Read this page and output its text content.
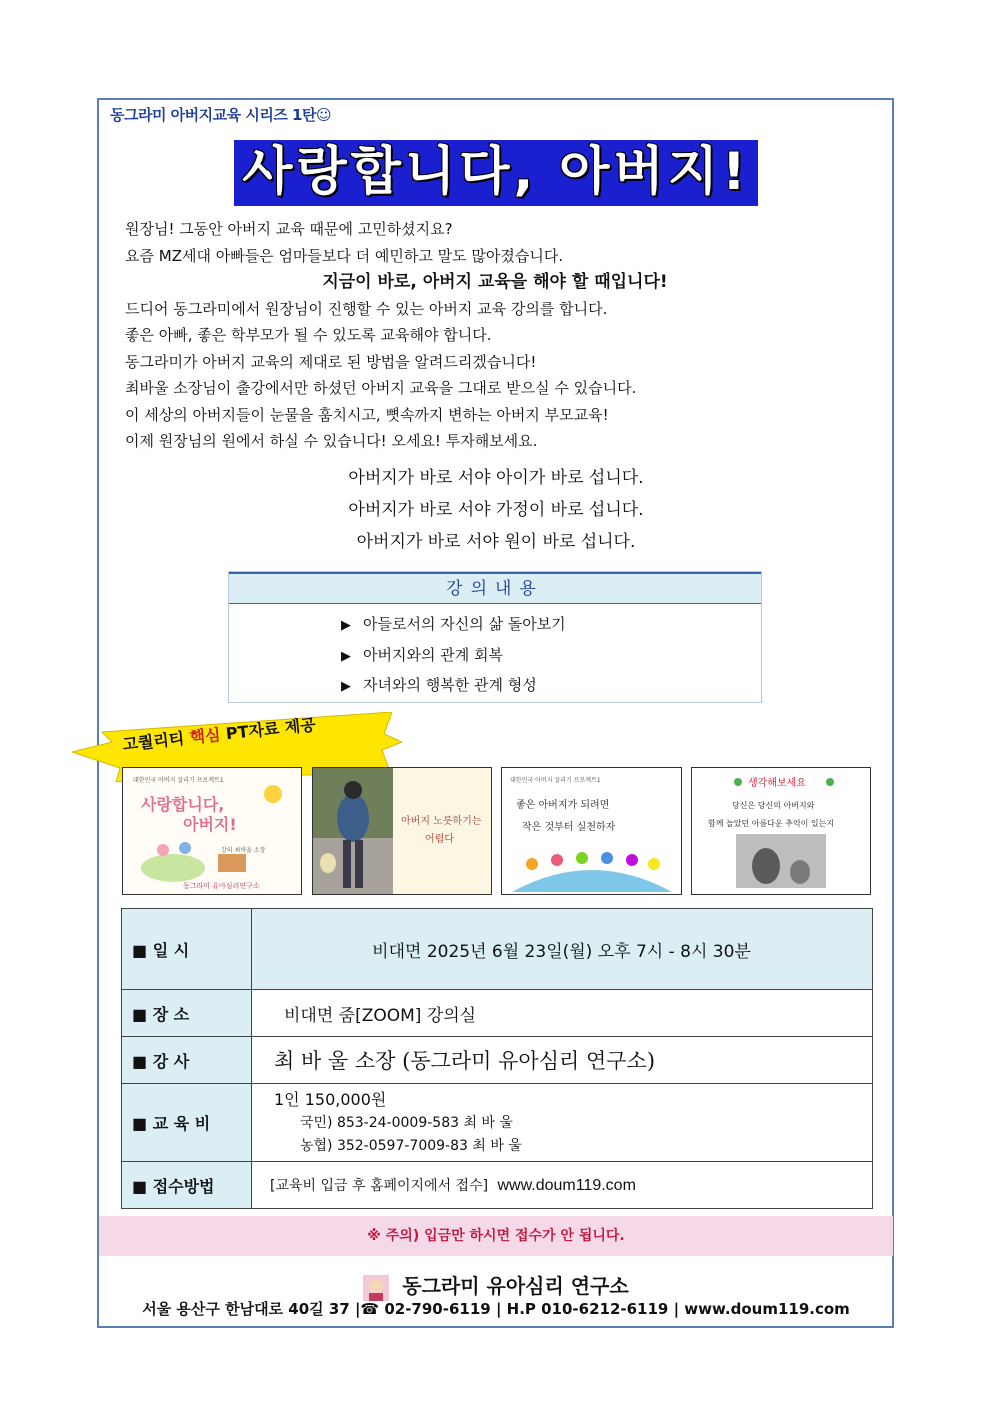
동그라미 아버지교육 시리즈 1탄☺
사랑합니다, 아버지!

원장님! 그동안 아버지 교육 때문에 고민하셨지요?

요즘 MZ세대 아빠들은 엄마들보다 더 예민하고 말도 많아졌습니다.

지금이 바로, 아버지 교육을 해야 할 때입니다!

드디어 동그라미에서 원장님이 진행할 수 있는 아버지 교육 강의를 합니다.

좋은 아빠, 좋은 학부모가 될 수 있도록 교육해야 합니다.

동그라미가 아버지 교육의 제대로 된 방법을 알려드리겠습니다!

최바울 소장님이 출강에서만 하셨던 아버지 교육을 그대로 받으실 수 있습니다.

이 세상의 아버지들이 눈물을 훔치시고, 뼛속까지 변하는 아버지 부모교육!

이제 원장님의 원에서 하실 수 있습니다! 오세요! 투자해보세요.

아버지가 바로 서야 아이가 바로 섭니다.

아버지가 바로 서야 가정이 바로 섭니다.

아버지가 바로 서야 원이 바로 섭니다.

강의내용
▶ 아들로서의 자신의 삶 돌아보기
▶ 아버지와의 관계 회복
▶ 자녀와의 행복한 관계 형성
고퀄리티 핵심 PT자료 제공
대한민국 아버지 살리기 프로젝트1
사랑합니다,
아버지!
강의 최바울 소장
동그라미 유아심리연구소
아버지 노릇하기는
어렵다
대한민국 아버지 살리기 프로젝트1
좋은 아버지가 되려면
작은 것부터 실천하자
생각해보세요
당신은 당신의 아버지와
함께 놀았던 아름다운 추억이 있는지
■ 일 시	비대면 2025년 6월 23일(월) 오후 7시 - 8시 30분
■ 장 소	비대면 줌[ZOOM] 강의실
■ 강 사	최 바 울 소장 (동그라미 유아심리 연구소)
■ 교 육 비	1인 150,000원
국민) 853-24-0009-583 최 바 울
농협) 352-0597-7009-83 최 바 울

■ 접수방법	[교육비 입금 후 홈페이지에서 접수] www.doum119.com
※ 주의) 입금만 하시면 접수가 안 됩니다.
동그라미 유아심리 연구소
서울 용산구 한남대로 40길 37 |☎ 02-790-6119 | H.P 010-6212-6119 | www.doum119.com
